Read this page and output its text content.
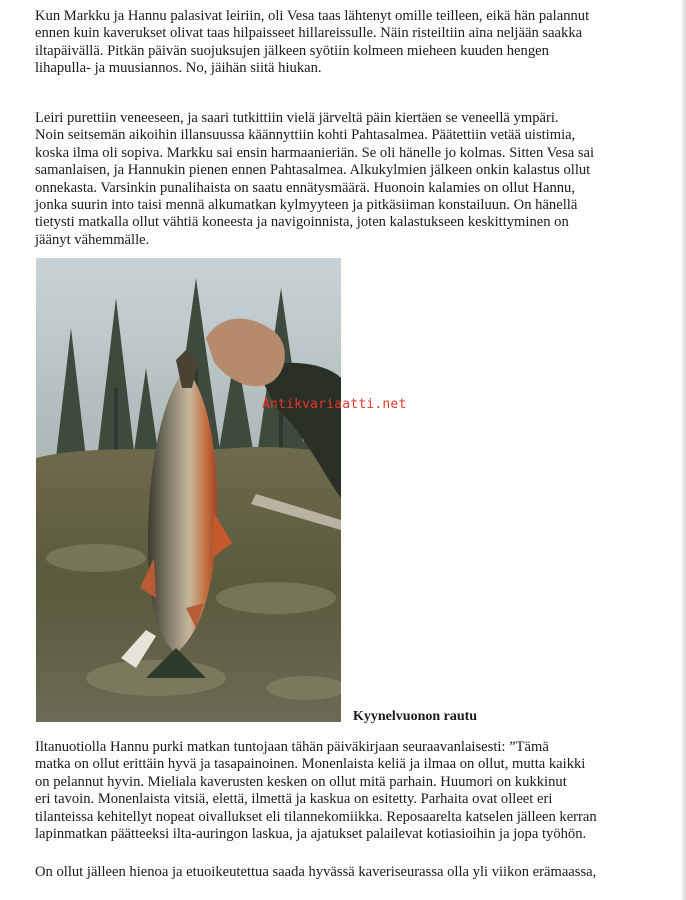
Kun Markku ja Hannu palasivat leiriin, oli Vesa taas lähtenyt omille teilleen, eikä hän palannut
ennen kuin kaverukset olivat taas hilpaisseet hillareissulle. Näin risteiltiin aina neljään saakka
iltapäivällä. Pitkän päivän suojuksujen jälkeen syötiin kolmeen mieheen kuuden hengen
lihapulla- ja muusiannos. No, jäihän siitä hiukan.
Leiri purettiin veneeseen, ja saari tutkittiin vielä järveltä päin kiertäen se veneellä ympäri.
Noin seitsemän aikoihin illansuussa käännyttiin kohti Pahtasalmea. Päätettiin vetää uistimia,
koska ilma oli sopiva. Markku sai ensin harmaanieriän. Se oli hänelle jo kolmas. Sitten Vesa sai
samanlaisen, ja Hannukin pienen ennen Pahtasalmea. Alkukylmien jälkeen onkin kalastus ollut
onnekasta. Varsinkin punalihaista on saatu ennätysmäärä. Huonoin kalamies on ollut Hannu,
jonka suurin into taisi mennä alkumatkan kylmyyteen ja pitkäsiiman konstailuun. On hänellä
tietysti matkalla ollut vähtiä koneesta ja navigoinnista, joten kalastukseen keskittyminen on
jäänyt vähemmälle.
Antikvariaatti.net
Kyynelvuonon rautu
Iltanuotiolla Hannu purki matkan tuntojaan tähän päiväkirjaan seuraavanlaisesti: ”Tämä
matka on ollut erittäin hyvä ja tasapainoinen. Monenlaista keliä ja ilmaa on ollut, mutta kaikki
on pelannut hyvin. Mieliala kaverusten kesken on ollut mitä parhain. Huumori on kukkinut
eri tavoin. Monenlaista vitsiä, elettä, ilmettä ja kaskua on esitetty. Parhaita ovat olleet eri
tilanteissa kehitellyt nopeat oivallukset eli tilannekomiikka. Reposaarelta katselen jälleen kerran
lapinmatkan päätteeksi ilta-auringon laskua, ja ajatukset palailevat kotiasioihin ja jopa työhön.
On ollut jälleen hienoa ja etuoikeutettua saada hyvässä kaveriseurassa olla yli viikon erämaassa,
